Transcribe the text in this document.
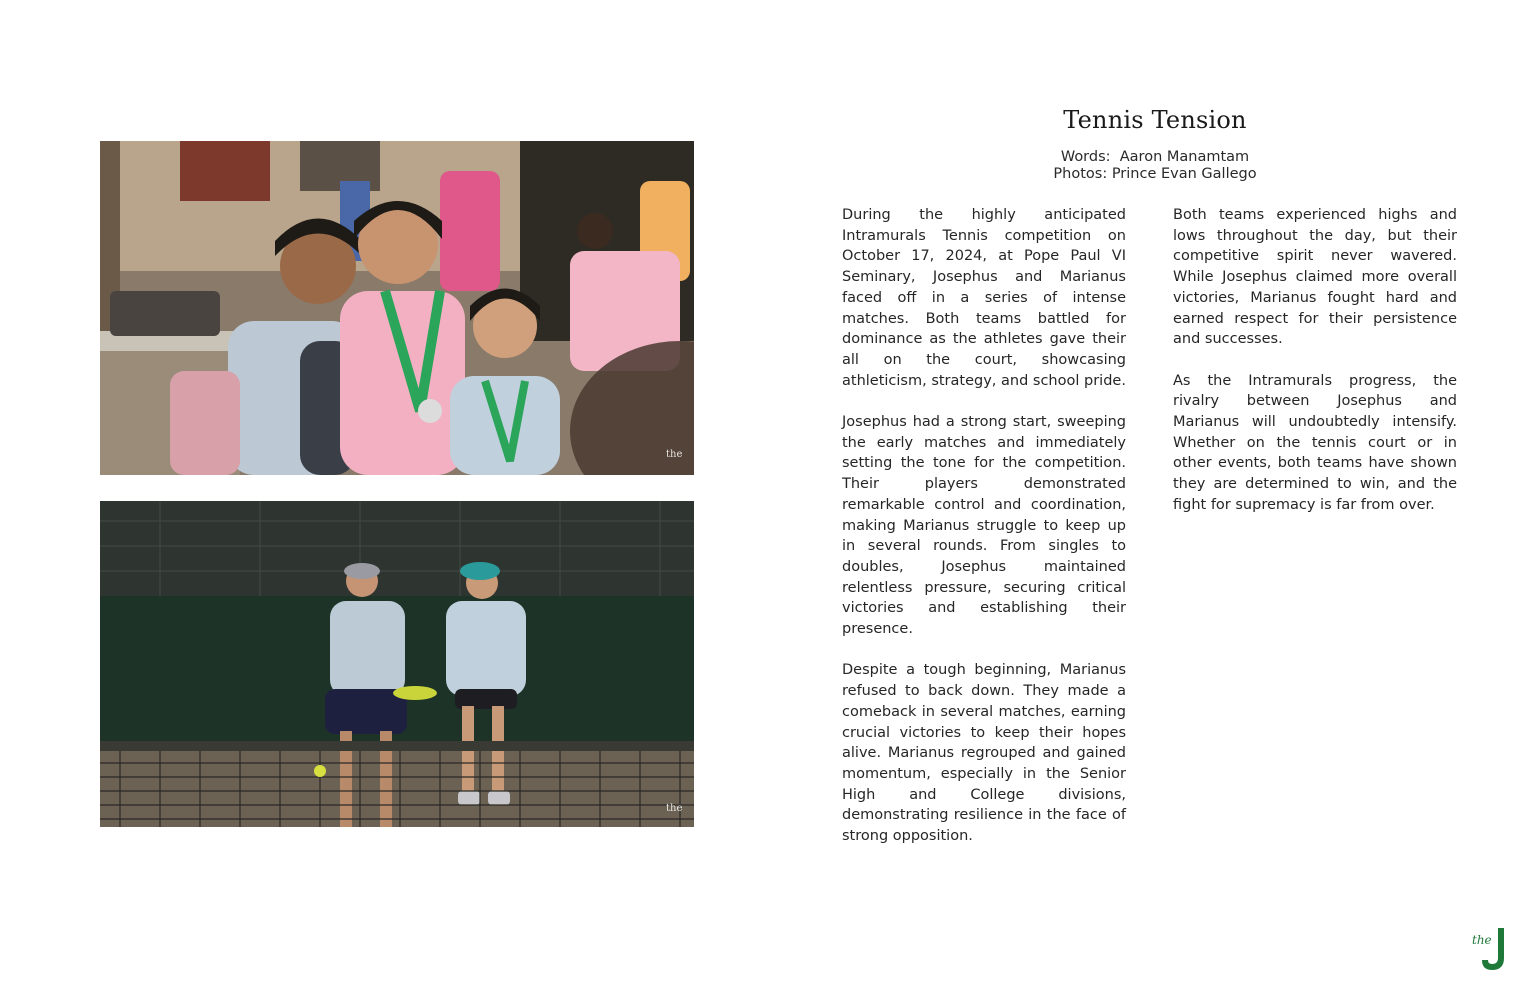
the
the
Tennis Tension
Words:  Aaron Manamtam
Photos: Prince Evan Gallego

During the highly anticipated Intramurals Tennis competition on October 17, 2024, at Pope Paul VI Seminary, Josephus and Marianus faced off in a series of intense matches. Both teams battled for dominance as the athletes gave their all on the court, showcasing athleticism, strategy, and school pride.

Josephus had a strong start, sweeping the early matches and immediately setting the tone for the competition. Their players demonstrated remarkable control and coordination, making Marianus struggle to keep up in several rounds. From singles to doubles, Josephus maintained relentless pressure, securing critical victories and establishing their presence.

Despite a tough beginning, Marianus refused to back down. They made a comeback in several matches, earning crucial victories to keep their hopes alive. Marianus regrouped and gained momentum, especially in the Senior High and College divisions, demonstrating resilience in the face of strong opposition.

Both teams experienced highs and lows throughout the day, but their competitive spirit never wavered. While Josephus claimed more overall victories, Marianus fought hard and earned respect for their persistence and successes.

As the Intramurals progress, the rivalry between Josephus and Marianus will undoubtedly intensify. Whether on the tennis court or in other events, both teams have shown they are determined to win, and the fight for supremacy is far from over.

the
